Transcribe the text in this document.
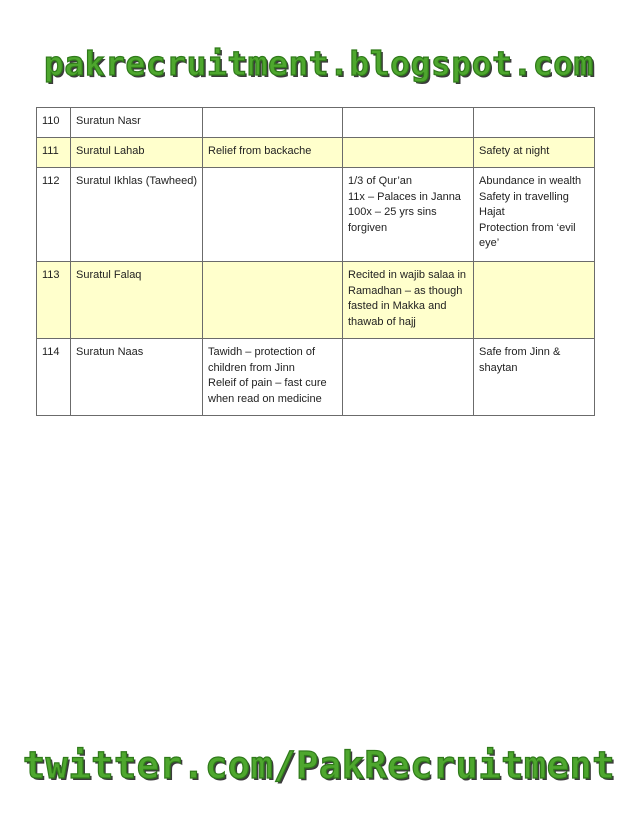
pakrecruitment.blogspot.com
110	Suratun Nasr			
111	Suratul Lahab	Relief from backache		Safety at night

112	Suratul Ikhlas (Tawheed)		1/3 of Qur’an
11x – Palaces in Janna
100x – 25 yrs sins
forgiven	Abundance in wealth
Safety in travelling
Hajat
Protection from ‘evil
eye’

113	Suratul Falaq		Recited in wajib salaa in
Ramadhan – as though
fasted in Makka and
thawab of hajj	

114	Suratun Naas	Tawidh – protection of
children from Jinn
Releif of pain – fast cure
when read on medicine		Safe from Jinn &
shaytan
twitter.com/PakRecruitment
